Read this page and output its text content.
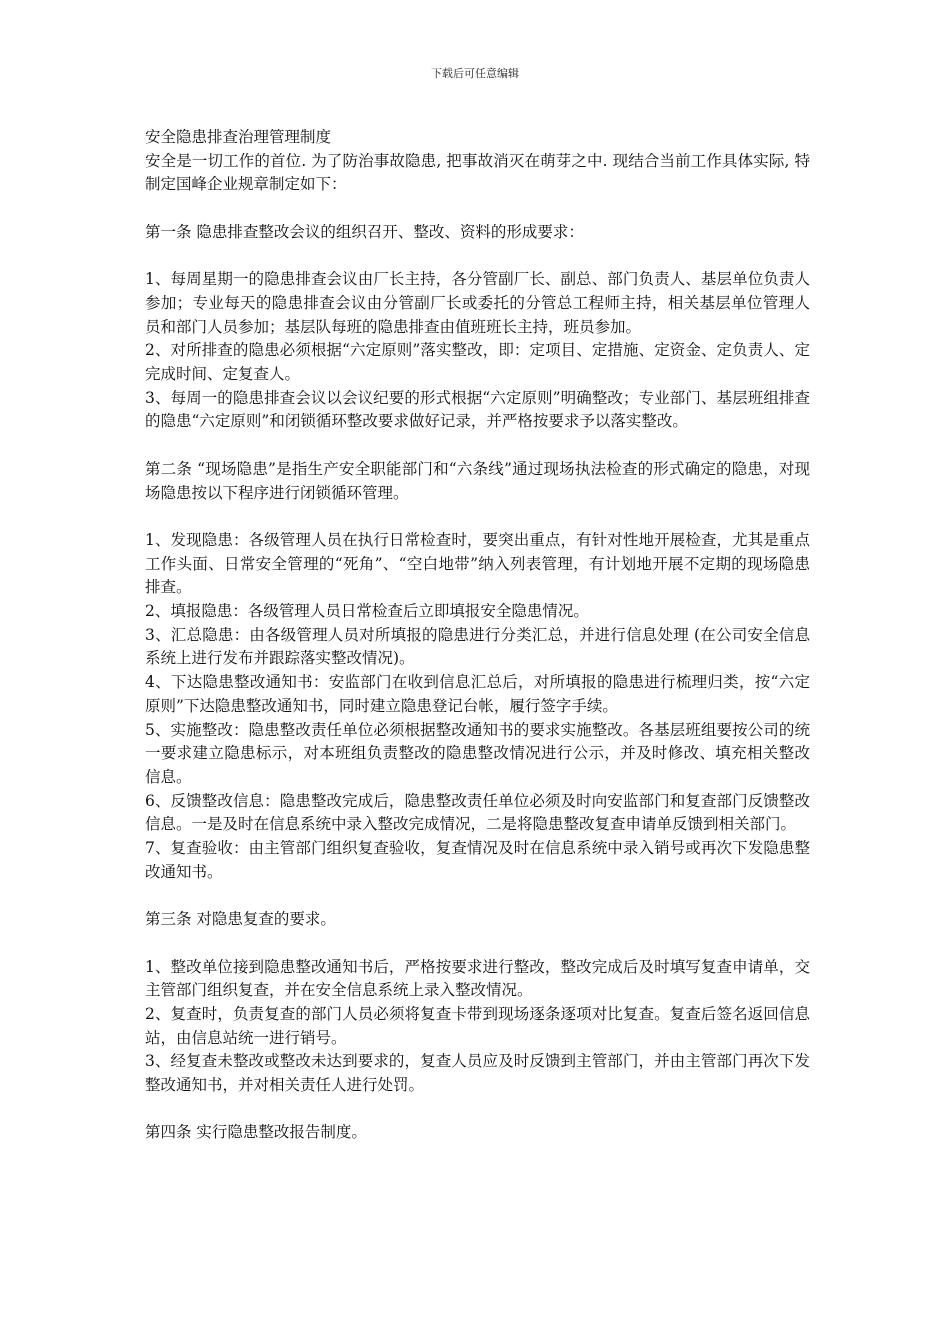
下载后可任意编辑

安全隐患排查治理管理制度

安全是一切工作的首位. 为了防治事故隐患, 把事故消灭在萌芽之中. 现结合当前工作具体实际, 特制定国峰企业规章制定如下：

第一条 隐患排查整改会议的组织召开、整改、资料的形成要求：

1、每周星期一的隐患排查会议由厂长主持，各分管副厂长、副总、部门负责人、基层单位负责人参加；专业每天的隐患排查会议由分管副厂长或委托的分管总工程师主持，相关基层单位管理人员和部门人员参加；基层队每班的隐患排查由值班班长主持，班员参加。

2、对所排查的隐患必须根据“六定原则”落实整改，即：定项目、定措施、定资金、定负责人、定完成时间、定复查人。

3、每周一的隐患排查会议以会议纪要的形式根据“六定原则”明确整改；专业部门、基层班组排查的隐患“六定原则”和闭锁循环整改要求做好记录，并严格按要求予以落实整改。

第二条 “现场隐患”是指生产安全职能部门和“六条线”通过现场执法检查的形式确定的隐患，对现场隐患按以下程序进行闭锁循环管理。

1、发现隐患：各级管理人员在执行日常检查时，要突出重点，有针对性地开展检查，尤其是重点工作头面、日常安全管理的“死角”、“空白地带”纳入列表管理，有计划地开展不定期的现场隐患排查。

2、填报隐患：各级管理人员日常检查后立即填报安全隐患情况。

3、汇总隐患：由各级管理人员对所填报的隐患进行分类汇总，并进行信息处理 (在公司安全信息系统上进行发布并跟踪落实整改情况)。

4、下达隐患整改通知书：安监部门在收到信息汇总后，对所填报的隐患进行梳理归类，按“六定原则”下达隐患整改通知书，同时建立隐患登记台帐，履行签字手续。

5、实施整改：隐患整改责任单位必须根据整改通知书的要求实施整改。各基层班组要按公司的统一要求建立隐患标示，对本班组负责整改的隐患整改情况进行公示，并及时修改、填充相关整改信息。

6、反馈整改信息：隐患整改完成后，隐患整改责任单位必须及时向安监部门和复查部门反馈整改信息。一是及时在信息系统中录入整改完成情况，二是将隐患整改复查申请单反馈到相关部门。

7、复查验收：由主管部门组织复查验收，复查情况及时在信息系统中录入销号或再次下发隐患整改通知书。

第三条 对隐患复查的要求。

1、整改单位接到隐患整改通知书后，严格按要求进行整改，整改完成后及时填写复查申请单，交主管部门组织复查，并在安全信息系统上录入整改情况。

2、复查时，负责复查的部门人员必须将复查卡带到现场逐条逐项对比复查。复查后签名返回信息站，由信息站统一进行销号。

3、经复查未整改或整改未达到要求的，复查人员应及时反馈到主管部门，并由主管部门再次下发整改通知书，并对相关责任人进行处罚。

第四条 实行隐患整改报告制度。
